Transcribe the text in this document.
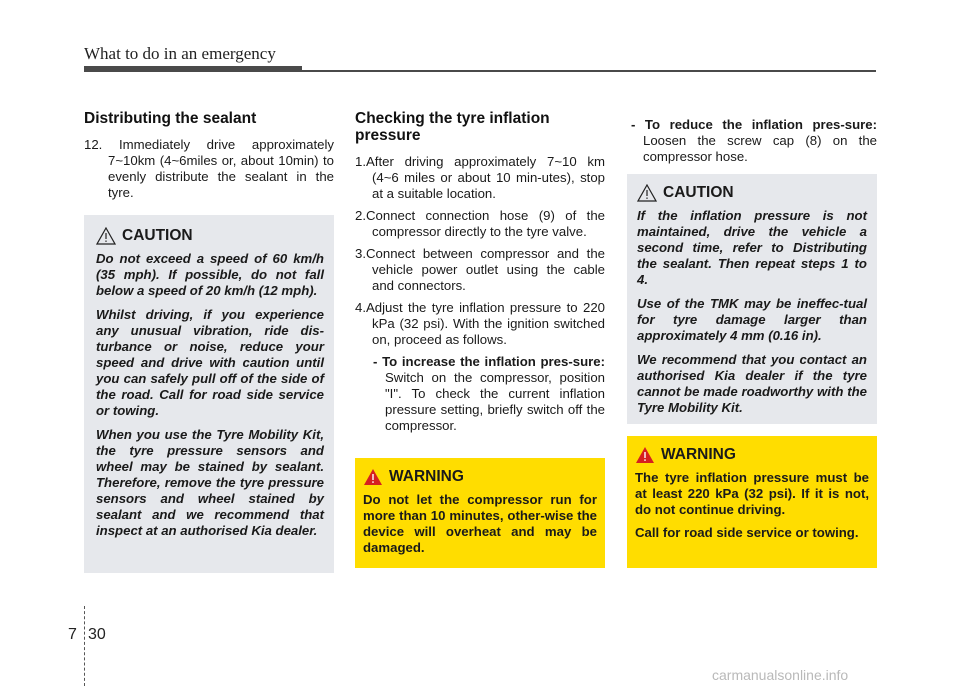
What to do in an emergency
Distributing the sealant

12. Immediately drive approximately 7~10km (4~6miles or, about 10min) to evenly distribute the sealant in the tyre.

CAUTION

Do not exceed a speed of 60 km/h (35 mph). If possible, do not fall below a speed of 20 km/h (12 mph).

Whilst driving, if you experience any unusual vibration, ride dis-turbance or noise, reduce your speed and drive with caution until you can safely pull off of the side of the road. Call for road side service or towing.

When you use the Tyre Mobility Kit, the tyre pressure sensors and wheel may be stained by sealant. Therefore, remove the tyre pressure sensors and wheel stained by sealant and we recommend that inspect at an authorised Kia dealer.

Checking the tyre inflation pressure

1.After driving approximately 7~10 km (4~6 miles or about 10 min-utes), stop at a suitable location.

2.Connect connection hose (9) of the compressor directly to the tyre valve.

3.Connect between compressor and the vehicle power outlet using the cable and connectors.

4.Adjust the tyre inflation pressure to 220 kPa (32 psi). With the ignition switched on, proceed as follows.

- To increase the inflation pres-sure: Switch on the compressor, position "I". To check the current inflation pressure setting, briefly switch off the compressor.

WARNING

Do not let the compressor run for more than 10 minutes, other-wise the device will overheat and may be damaged.

- To reduce the inflation pres-sure: Loosen the screw cap (8) on the compressor hose.

CAUTION

If the inflation pressure is not maintained, drive the vehicle a second time, refer to Distributing the sealant. Then repeat steps 1 to 4.

Use of the TMK may be ineffec-tual for tyre damage larger than approximately 4 mm (0.16 in).

We recommend that you contact an authorised Kia dealer if the tyre cannot be made roadworthy with the Tyre Mobility Kit.

WARNING

The tyre inflation pressure must be at least 220 kPa (32 psi). If it is not, do not continue driving.

Call for road side service or towing.

7 30
carmanualsonline.info
